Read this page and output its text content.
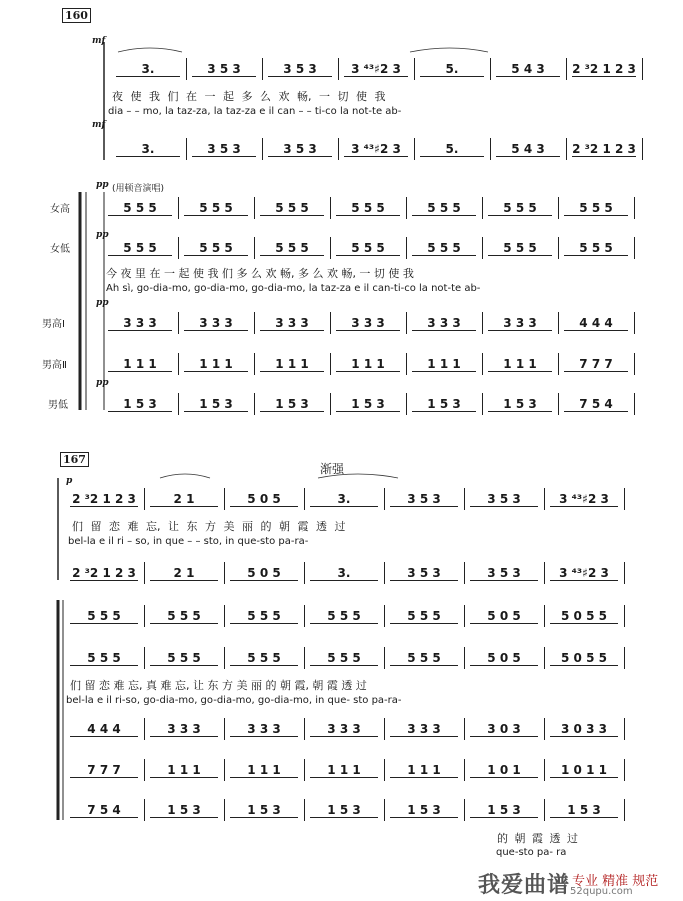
160
mf
3.	3 5 3	3 5 3	3 ⁴³♯2 3	5.	5 4 3	2 ³2 1 2 3
夜 使 我 们 在 一 起 多 么 欢 畅, 一 切 使 我
dia – – mo, la taz-za, la taz-za e il can – – ti-co la not-te ab-
mf
3.	3 5 3	3 5 3	3 ⁴³♯2 3	5.	5 4 3	2 ³2 1 2 3
pp (用顿音演唱)
女高	5 5 5	5 5 5	5 5 5	5 5 5	5 5 5	5 5 5	5 5 5
pp
女低	5 5 5	5 5 5	5 5 5	5 5 5	5 5 5	5 5 5	5 5 5
今 夜 里 在 一 起 使 我 们 多 么 欢 畅, 多 么 欢 畅, 一 切 使 我
Ah sì, go-dia-mo, go-dia-mo, go-dia-mo, la taz-za e il can-ti-co la not-te ab-
pp
男高Ⅰ	3 3 3	3 3 3	3 3 3	3 3 3	3 3 3	3 3 3	4 4 4
男高Ⅱ	1 1 1	1 1 1	1 1 1	1 1 1	1 1 1	1 1 1	7 7 7
pp
男低	1 5 3	1 5 3	1 5 3	1 5 3	1 5 3	1 5 3	7 5 4
167
渐强
p
2 ³2 1 2 3	2 1	5 0 5	3.	3 5 3	3 5 3	3 ⁴³♯2 3
们 留 恋 难 忘, 让 东 方 美 丽 的 朝 霞 透 过
bel-la e il ri – so, in que – – sto, in que-sto pa-ra-
2 ³2 1 2 3	2 1	5 0 5	3.	3 5 3	3 5 3	3 ⁴³♯2 3
5 5 5	5 5 5	5 5 5	5 5 5	5 5 5	5 0 5	5 0 5 5
5 5 5	5 5 5	5 5 5	5 5 5	5 5 5	5 0 5	5 0 5 5
们 留 恋 难 忘, 真 难 忘, 让 东 方 美 丽 的 朝 霞, 朝 霞 透 过
bel-la e il ri-so, go-dia-mo, go-dia-mo, go-dia-mo, in que- sto pa-ra-
4 4 4	3 3 3	3 3 3	3 3 3	3 3 3	3 0 3	3 0 3 3
7 7 7	1 1 1	1 1 1	1 1 1	1 1 1	1 0 1	1 0 1 1
7 5 4	1 5 3	1 5 3	1 5 3	1 5 3	1 5 3	1 5 3
的 朝 霞 透 过
que-sto pa- ra
我爱曲谱 专业 精准 规范
52qupu.com
